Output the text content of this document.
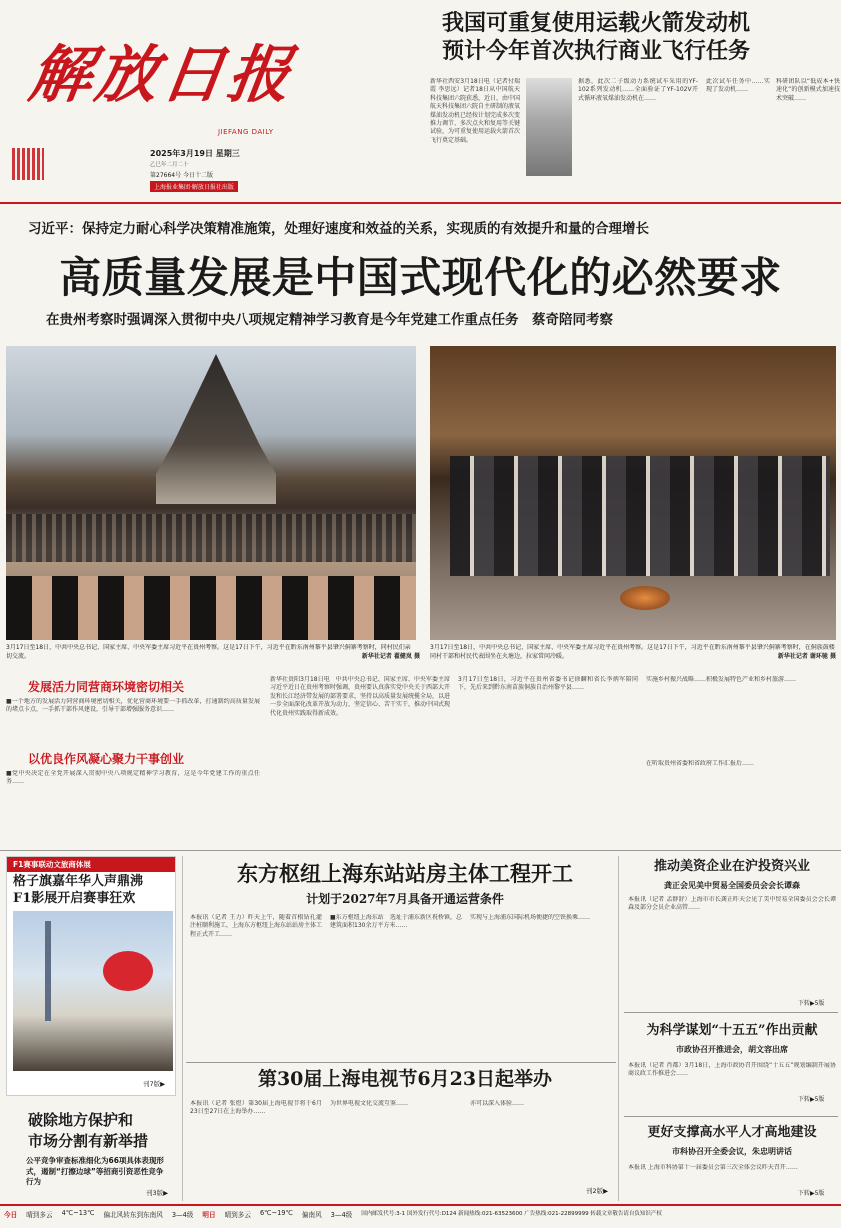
解放日报
JIEFANG DAILY
2025年3月19日 星期三
乙巳年二月二十
第27664号 今日十二版
上海报业集团·解放日报社出版
我国可重复使用运载火箭发动机
预计今年首次执行商业飞行任务
新华社西安3月18日电（记者付瑞霞 李思远）记者18日从中国航天科技集团六院获悉，近日，由中国航天科技集团六院自主研制的液氧煤油发动机已经按计划完成多次变推力调节、多次点火和复用等关键试验，为可重复使用运载火箭首次飞行奠定基础。
据悉，此次二子级动力系统试车采用的YF-102系列发动机……全面验证了YF-102V开式循环液氧煤油发动机在……
此次试车任务中……实现了发动机……
科研团队以“低成本+快速化”的创新模式加速技术突破……
习近平：保持定力耐心科学决策精准施策，处理好速度和效益的关系，实现质的有效提升和量的合理增长
高质量发展是中国式现代化的必然要求
在贵州考察时强调深入贯彻中央八项规定精神学习教育是今年党建工作重点任务　蔡奇陪同考察
3月17日至18日，中共中央总书记、国家主席、中央军委主席习近平在贵州考察。这是17日下午，习近平在黔东南州黎平县肇兴侗寨考察时，同村民们亲切交流。	新华社记者 翟健岚 摄
3月17日至18日，中共中央总书记、国家主席、中央军委主席习近平在贵州考察。这是17日下午，习近平在黔东南州黎平县肇兴侗寨考察时，在侗族鼓楼同村干部和村民代表围坐在火塘边，拉家常问冷暖。	新华社记者 谢环驰 摄
发展活力同营商环境密切相关
■一个地方的发展活力同营商环境密切相关，优化营商环境要一手抓改革，打通制约高质量发展的堵点卡点，一手抓干部作风建设，引导干部增强服务意识……
以优良作风凝心聚力干事创业
■党中央决定在全党开展深入贯彻中央八项规定精神学习教育，这是今年党建工作的重点任务……
新华社贵阳3月18日电　中共中央总书记、国家主席、中央军委主席习近平近日在贵州考察时强调，贵州要认真落实党中央关于西部大开发和长江经济带发展的部署要求，坚持以高质量发展统揽全局，以进一步全面深化改革开放为动力，坚定信心、苦干实干，推动中国式现代化贵州实践取得新成效。
3月17日至18日，习近平在贵州省委书记徐麟和省长李炳军陪同下，先后来到黔东南苗族侗族自治州黎平县……
实施乡村振兴战略……积极发展特色产业和乡村旅游……
在听取贵州省委和省政府工作汇报后……
F1赛事联动文旅商体展
格子旗嘉年华人声鼎沸　F1影展开启赛事狂欢
刊7版▶
破除地方保护和
市场分割有新举措
公平竞争审查标准细化为66项具体表现形式，遏制“打擦边球”等招商引资恶性竞争行为
刊3版▶
东方枢纽上海东站站房主体工程开工
计划于2027年7月具备开通运营条件
本报讯（记者 王力）昨天上午，随着首根钻孔灌注桩顺利施工，上海东方枢纽上海东站站房主体工程正式开工……
■东方枢纽上海东站　选址于浦东新区祝桥镇，总建筑面积130余万平方米……
实现与上海浦东国际机场便捷的空铁换乘……
第30届上海电视节6月23日起举办
本报讯（记者 张煜）第30届上海电视节将于6月23日至27日在上海举办……
为世界电视文化交流互鉴……	亦可以深入体验……
刊2版▶
推动美资企业在沪投资兴业
龚正会见美中贸易全国委员会会长谭森
本报讯（记者 孟群舒）上海市市长龚正昨天会见了美中贸易全国委员会会长谭森及部分会员企业高管……
下转▶5版
为科学谋划“十五五”作出贡献
市政协召开推进会，胡文容出席
本报讯（记者 肖都）3月18日，上海市政协召开围绕“十五五”规划编制开展协商议政工作推进会……
下转▶5版
更好支撑高水平人才高地建设
市科协召开全委会议，朱忠明讲话
本报讯 上海市科协第十一届委员会第三次全体会议昨天召开……
下转▶5版
今日 晴到多云 4℃~13℃ 偏北风转东到东南风 3—4级 明日 晴到多云 6℃~19℃ 偏南风 3—4级 国内邮发代号:3-1 国外发行代号:D124 新闻热线:021-63523600 广告热线:021-22899999 转载文章敬告请自负知识产权
